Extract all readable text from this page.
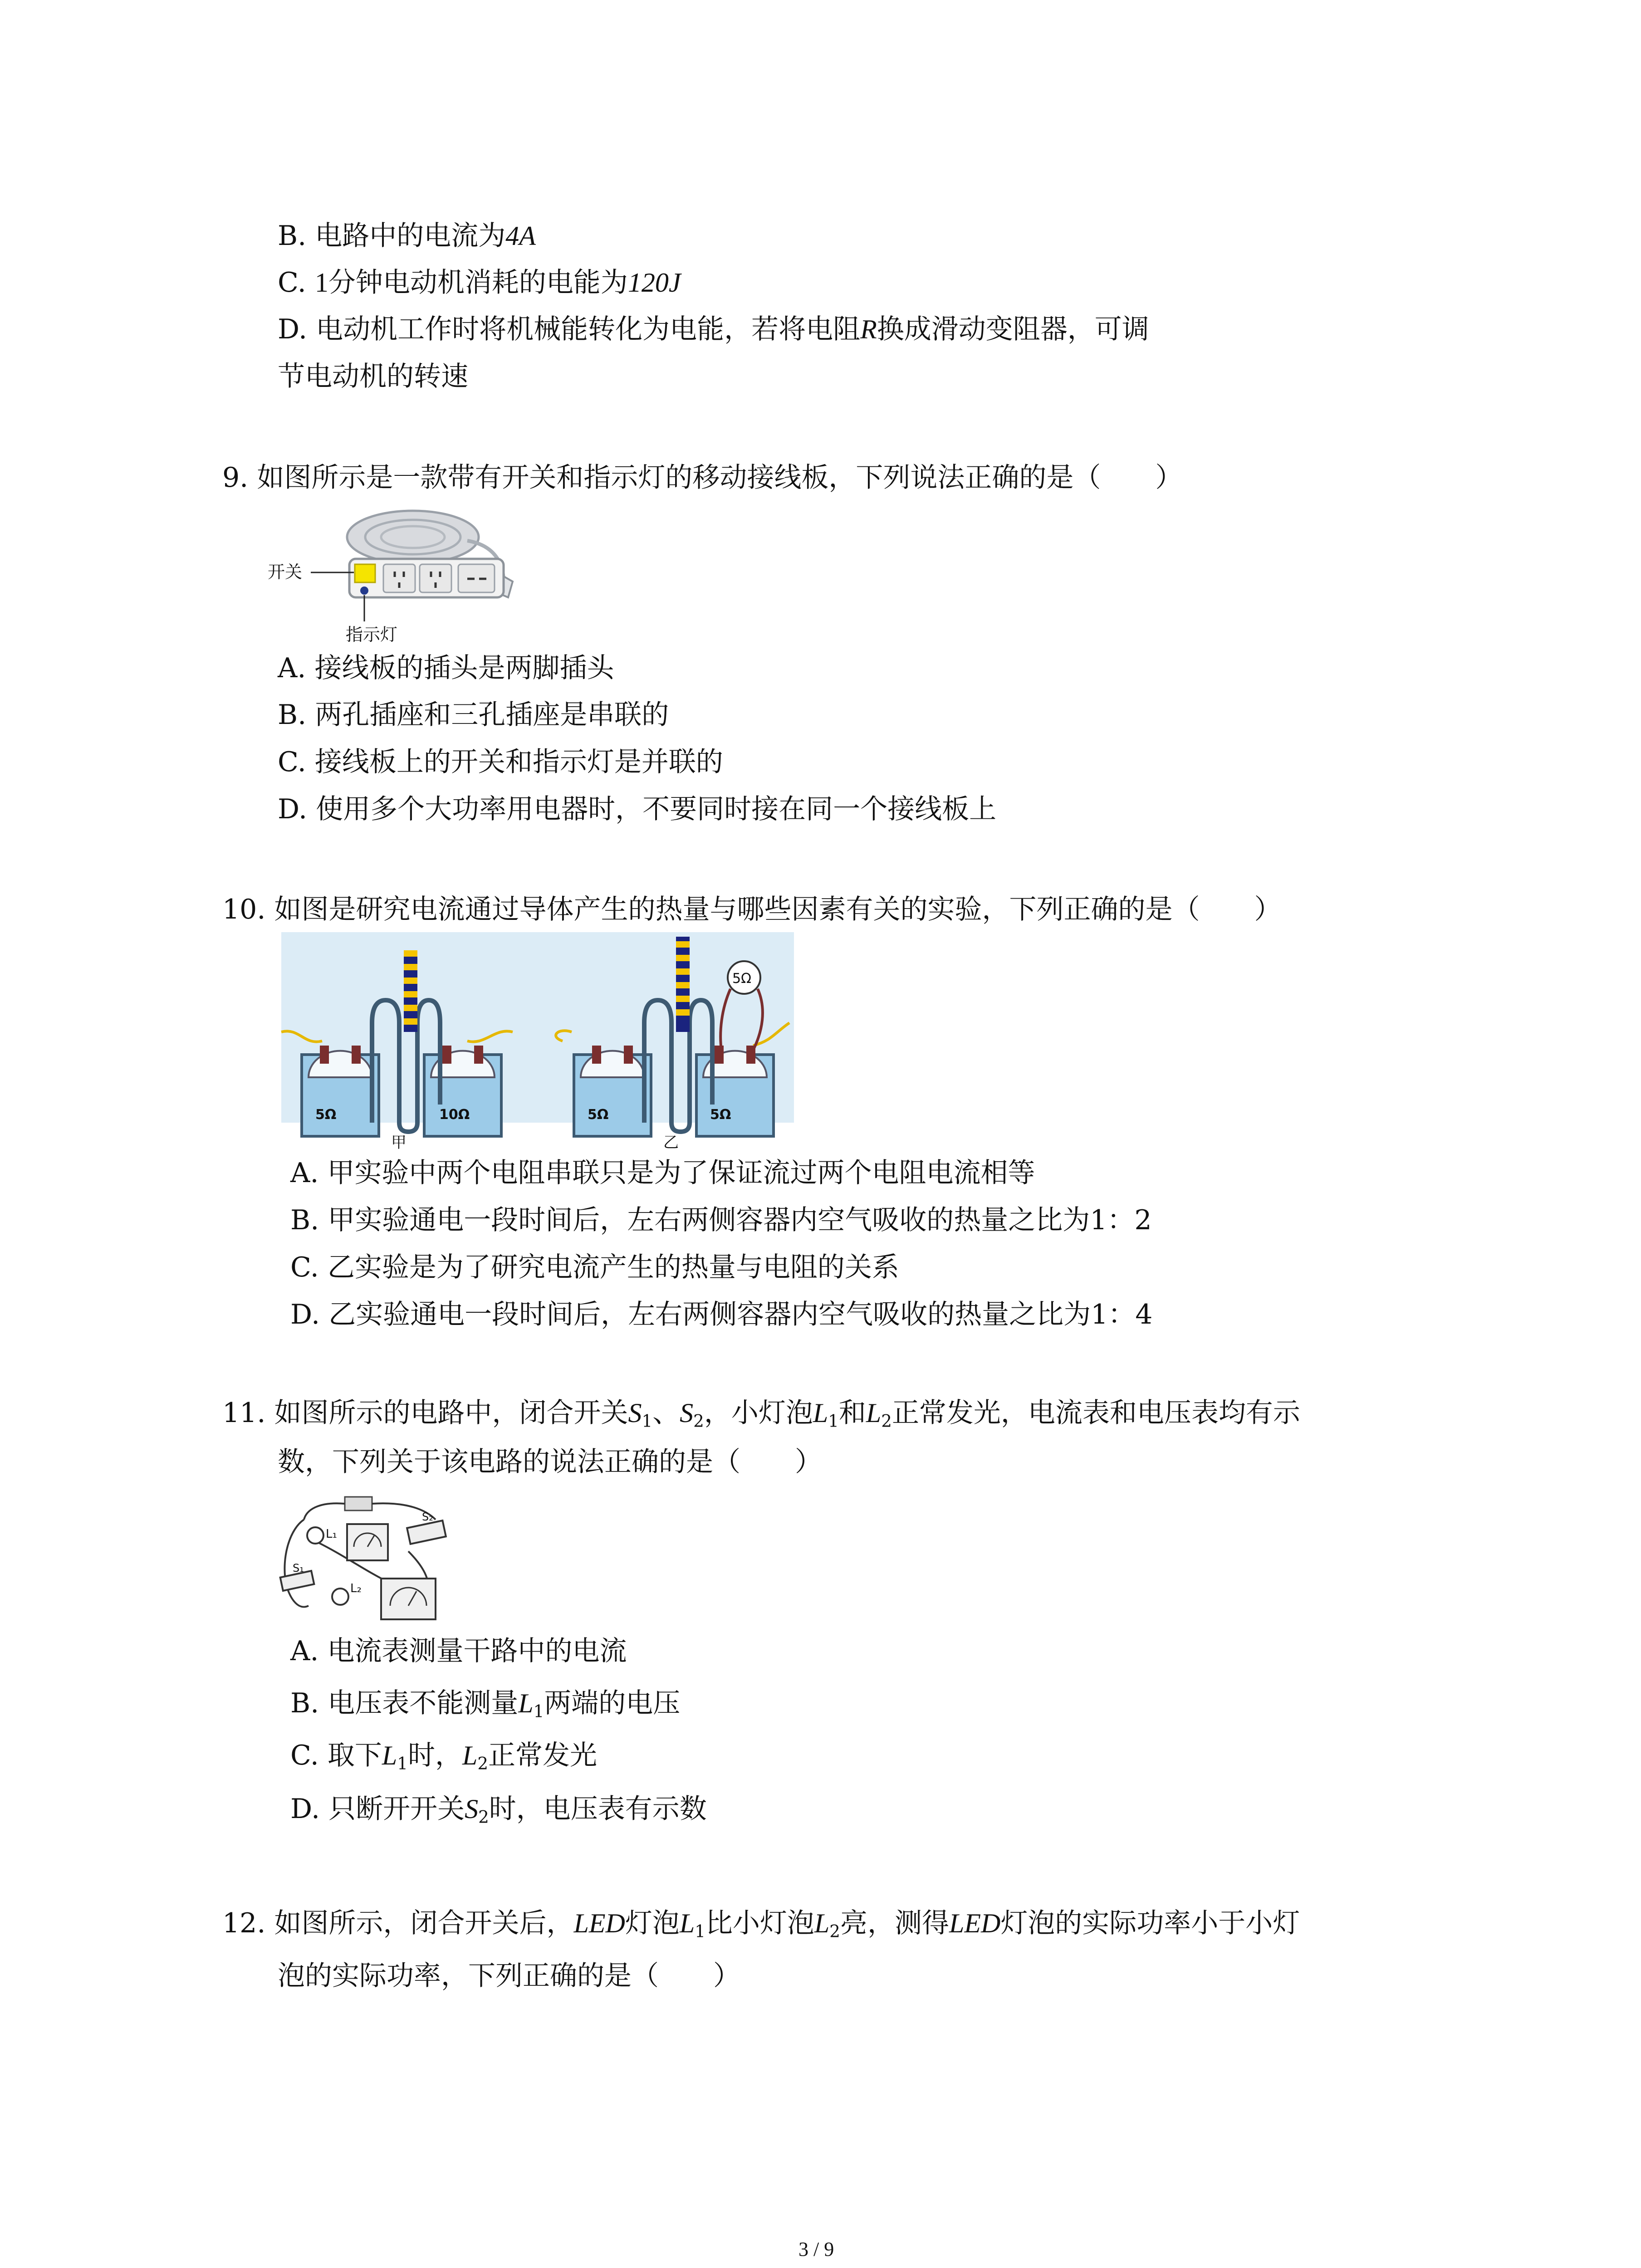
B. 电路中的电流为4A
C. 1分钟电动机消耗的电能为120J
D. 电动机工作时将机械能转化为电能，若将电阻R换成滑动变阻器，可调
节电动机的转速
9. 如图所示是一款带有开关和指示灯的移动接线板，下列说法正确的是（　　）
开关
指示灯
A. 接线板的插头是两脚插头
B. 两孔插座和三孔插座是串联的
C. 接线板上的开关和指示灯是并联的
D. 使用多个大功率用电器时，不要同时接在同一个接线板上
10. 如图是研究电流通过导体产生的热量与哪些因素有关的实验，下列正确的是（　　）
5Ω	10Ω
甲
5Ω
5Ω	5Ω
乙
A. 甲实验中两个电阻串联只是为了保证流过两个电阻电流相等
B. 甲实验通电一段时间后，左右两侧容器内空气吸收的热量之比为1：2
C. 乙实验是为了研究电流产生的热量与电阻的关系
D. 乙实验通电一段时间后，左右两侧容器内空气吸收的热量之比为1：4
11. 如图所示的电路中，闭合开关$S_1$、$S_2$，小灯泡$L_1$和$L_2$正常发光，电流表和电压表均有示
数，下列关于该电路的说法正确的是（　　）
L₁
S₂
S₁
L₂
A. 电流表测量干路中的电流
B. 电压表不能测量$L_1$两端的电压
C. 取下$L_1$时，$L_2$正常发光
D. 只断开开关$S_2$时，电压表有示数
12. 如图所示，闭合开关后，LED灯泡$L_1$比小灯泡$L_2$亮，测得LED灯泡的实际功率小于小灯
泡的实际功率，下列正确的是（　　）
3 / 9
